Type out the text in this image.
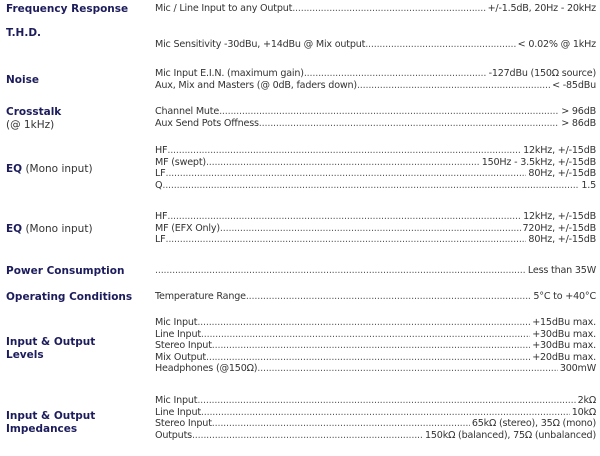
Frequency Response	Mic / Line Input to any Output .....	+/-1.5dB, 20Hz - 20kHz
T.H.D.
Mic Sensitivity -30dBu, +14dBu @ Mix output .....	< 0.02% @ 1kHz
Noise
Mic Input E.I.N. (maximum gain) .....	-127dBu (150Ω source)
Aux, Mix and Masters (@ 0dB, faders down) .....	< -85dBu
Crosstalk
(@ 1kHz)
Channel Mute .....	> 96dB
Aux Send Pots Offness .....	> 86dB
EQ (Mono input)
HF .....	12kHz, +/-15dB
MF (swept) .....	150Hz - 3.5kHz, +/-15dB
LF .....	80Hz, +/-15dB
Q .....	1.5
EQ (Mono input)
HF .....	12kHz, +/-15dB
MF (EFX Only) .....	720Hz, +/-15dB
LF .....	80Hz, +/-15dB
Power Consumption .....	Less than 35W
Operating Conditions	Temperature Range .....	5°C to +40°C
Input & Output Levels
Mic Input .....	+15dBu max.
Line Input .....	+30dBu max.
Stereo Input .....	+30dBu max.
Mix Output .....	+20dBu max.
Headphones (@150Ω) .....	300mW
Input & Output Impedances
Mic Input .....	2kΩ
Line Input .....	10kΩ
Stereo Input .....	65kΩ (stereo), 35Ω (mono)
Outputs .....	150kΩ (balanced), 75Ω (unbalanced)
